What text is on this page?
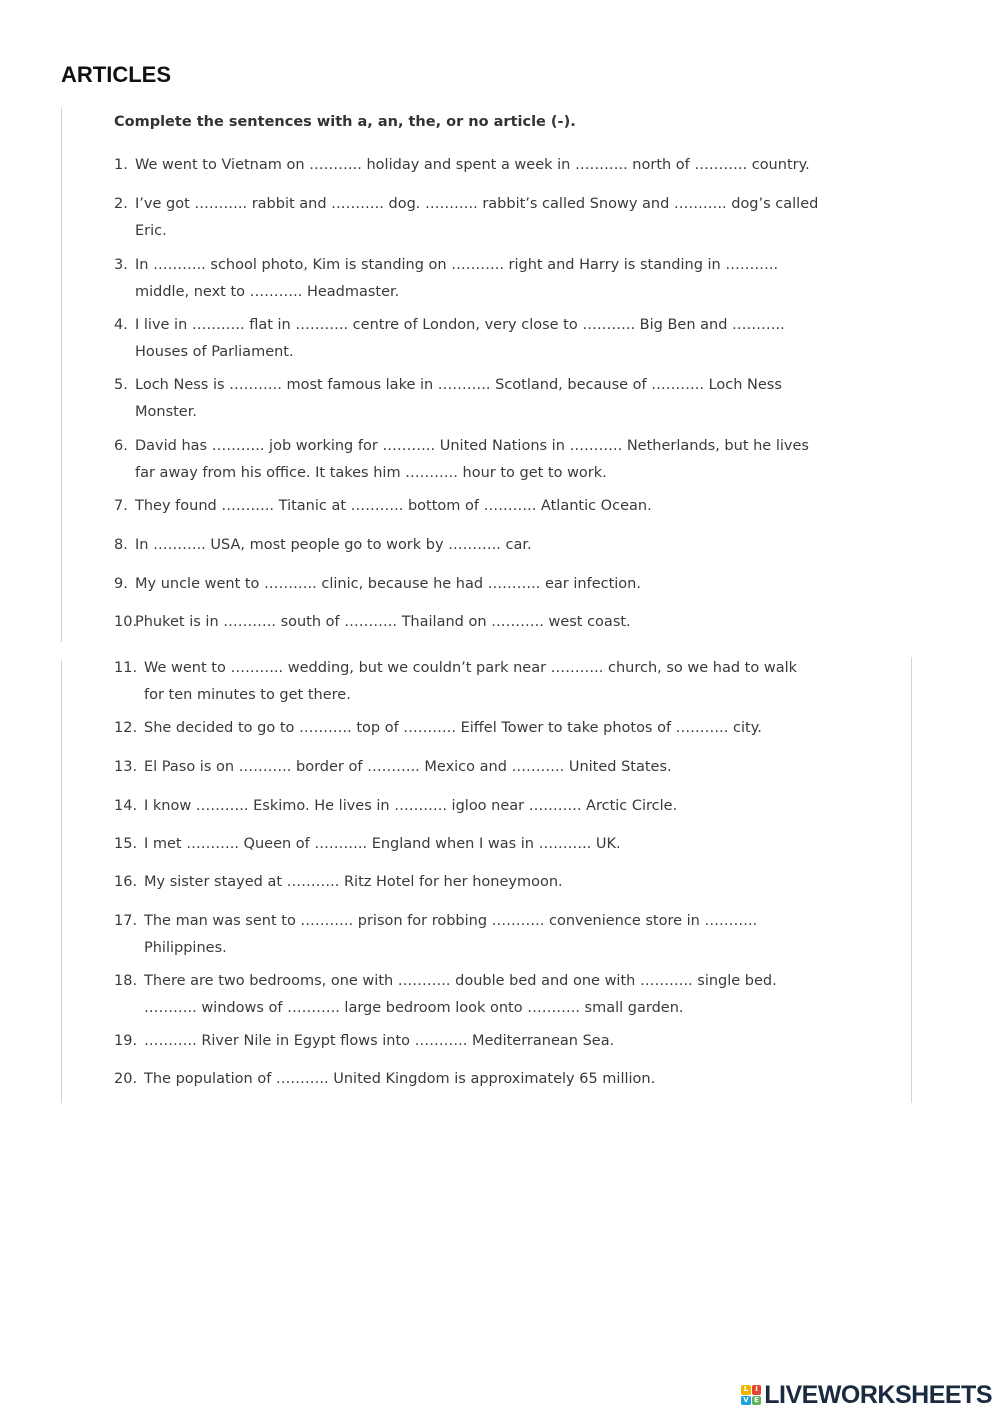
ARTICLES
Complete the sentences with a, an, the, or no article (-).
1. We went to Vietnam on ……….. holiday and spent a week in ……….. north of ……….. country.
2. I’ve got ……….. rabbit and ……….. dog. ……….. rabbit’s called Snowy and ……….. dog’s called
Eric.
3. In ……….. school photo, Kim is standing on ……….. right and Harry is standing in ………..
middle, next to ……….. Headmaster.
4. I live in ……….. flat in ……….. centre of London, very close to ……….. Big Ben and ………..
Houses of Parliament.
5. Loch Ness is ……….. most famous lake in ……….. Scotland, because of ……….. Loch Ness
Monster.
6. David has ……….. job working for ……….. United Nations in ……….. Netherlands, but he lives
far away from his office. It takes him ……….. hour to get to work.
7. They found ……….. Titanic at ……….. bottom of ……….. Atlantic Ocean.
8. In ……….. USA, most people go to work by ……….. car.
9. My uncle went to ……….. clinic, because he had ……….. ear infection.
10.Phuket is in ……….. south of ……….. Thailand on ……….. west coast.
11. We went to ……….. wedding, but we couldn’t park near ……….. church, so we had to walk
for ten minutes to get there.
12. She decided to go to ……….. top of ……….. Eiffel Tower to take photos of ……….. city.
13. El Paso is on ……….. border of ……….. Mexico and ……….. United States.
14. I know ……….. Eskimo. He lives in ……….. igloo near ……….. Arctic Circle.
15. I met ……….. Queen of ……….. England when I was in ……….. UK.
16. My sister stayed at ……….. Ritz Hotel for her honeymoon.
17. The man was sent to ……….. prison for robbing ……….. convenience store in ………..
Philippines.
18. There are two bedrooms, one with ……….. double bed and one with ……….. single bed.
……….. windows of ……….. large bedroom look onto ……….. small garden.
19. ……….. River Nile in Egypt flows into ……….. Mediterranean Sea.
20. The population of ……….. United Kingdom is approximately 65 million.
L I
V E LIVEWORKSHEETS
